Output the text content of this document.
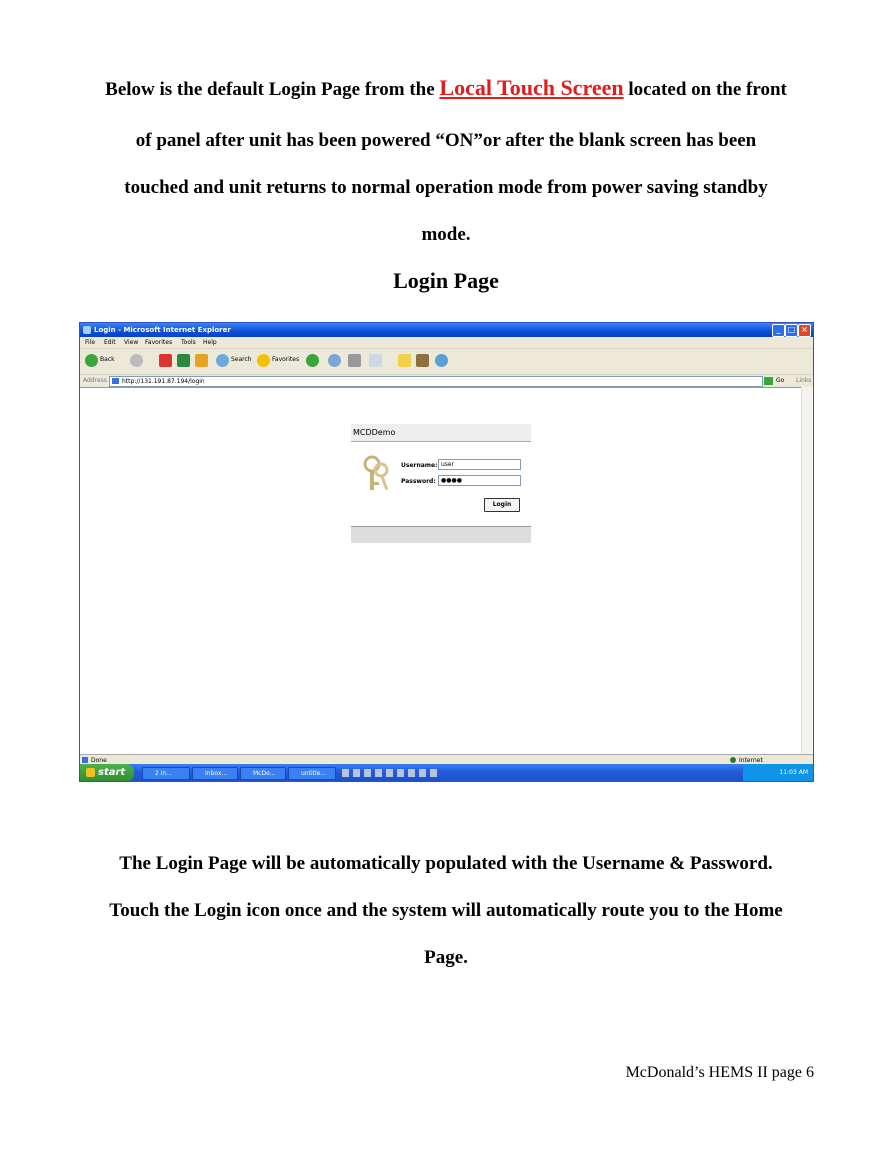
Below is the default Login Page from the Local Touch Screen located on the front
of panel after unit has been powered “ON”or after the blank screen has been
touched and unit returns to normal operation mode from power saving standby
mode.
Login Page
Login - Microsoft Internet Explorer	_ □ ×
File Edit View Favorites Tools Help
Back	Search	Favorites
Address	http://131.191.87.194/login	Go Links
MCDDemo
Username: user
Password: ●●●●
Login
Done	Internet
start	2 In...	Inbox...	McDo...	untitle...	11:03 AM
The Login Page will be automatically populated with the Username & Password.
Touch the Login icon once and the system will automatically route you to the Home
Page.
McDonald’s HEMS II page 6
